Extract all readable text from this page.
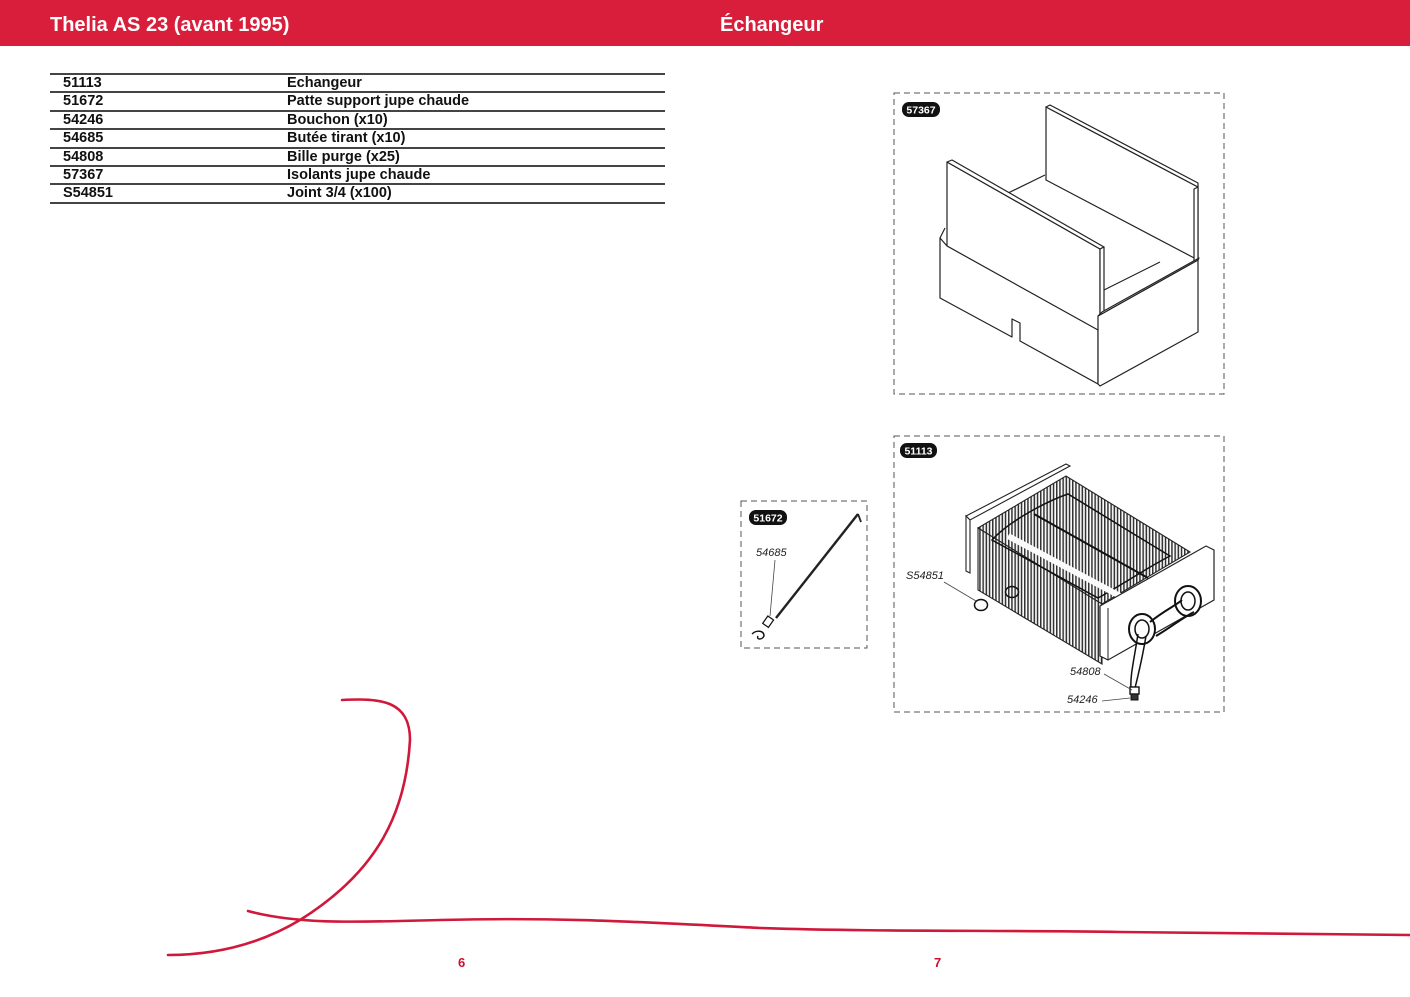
Thelia AS 23 (avant 1995)	Échangeur
51113	Echangeur
51672	Patte support jupe chaude
54246	Bouchon (x10)
54685	Butée tirant (x10)
54808	Bille purge (x25)
57367	Isolants jupe chaude
S54851	Joint 3/4 (x100)
57367
S54851
54808
54246
51113
54685
51672
6	7
